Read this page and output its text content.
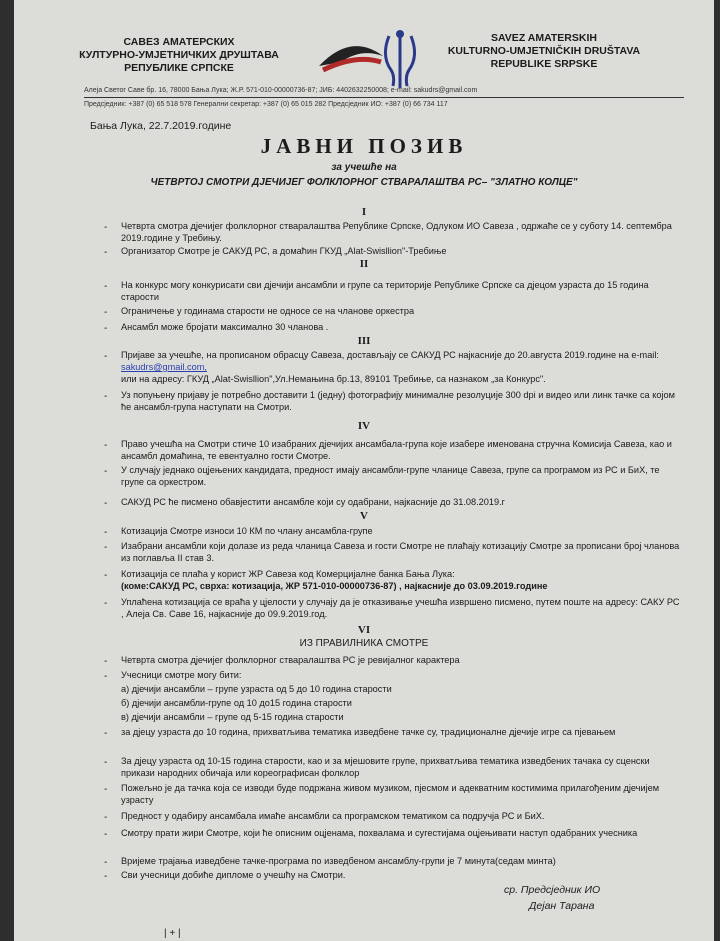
САВЕЗ АМАТЕРСКИХ
КУЛТУРНО-УМЈЕТНИЧКИХ ДРУШТАВА
РЕПУБЛИКЕ СРПСКЕ
SAVEZ AMATERSKIH
KULTURNO-UMJETNIČKIH DRUŠTAVA
REPUBLIKE SRPSKE
Алеја Светог Саве бр. 16, 78000 Бања Лука; Ж.Р. 571-010-00000736-87; ЈИБ: 4402632250008; e-mail: sakudrs@gmail.com
Предсједник: +387 (0) 65 518 578 Генерални секретар: +387 (0) 65 015 282 Предсједник ИО: +387 (0) 66 734 117
Бања Лука, 22.7.2019.године
ЈАВНИ ПОЗИВ
за учешће на
ЧЕТВРТОЈ СМОТРИ ДЈЕЧИЈЕГ ФОЛКЛОРНОГ СТВАРАЛАШТВА РС– "ЗЛАТНО КОЛЦЕ"
I
- Четврта смотра дјечијег фолклорног стваралаштва Републике Српске, Одлуком ИО Савеза , одржаће се у суботу 14. септембра 2019.године у Требињу.
- Организатор Смотре је САКУД РС, а домаћин ГКУД „Alat-Swisllion"-Требиње
II
- На конкурс могу конкурисати сви дјечији ансамбли и групе са територије Републике Српске са дјецом узраста до 15 година старости
- Ограничење у годинама старости не односе се на чланове оркестра
- Ансамбл може бројати максимално 30 чланова .
III
- Пријаве за учешће, на прописаном обрасцу Савеза, достављају се САКУД РС најкасније до 20.августа 2019.године на e-mail: sakudrs@gmail.com,
или на адресу: ГКУД „Alat-Swisllion",Ул.Немањина бр.13, 89101 Требиње, са назнаком „за Конкурс".
- Уз попуњену пријаву је потребно доставити 1 (једну) фотографију минималне резолуције 300 dpi и видео или линк тачке са којом ће ансамбл-група наступати на Смотри.
IV
- Право учешћа на Смотри стиче 10 изабраних дјечијих ансамбала-група које изабере именована стручна Комисија Савеза, као и ансамбл домаћина, те евентуално гости Смотре.
- У случају једнако оцјењених кандидата, предност имају ансамбли-групе чланице Савеза, групе са програмом из РС и БиХ, те групе са оркестром.
- САКУД РС ће писмено обавјестити ансамбле који су одабрани, најкасније до 31.08.2019.г
V
- Котизација Смотре износи 10 КМ по члану ансамбла-групе
- Изабрани ансамбли који долазе из реда чланица Савеза и гости Смотре не плаћају котизацију Смотре за прописани број чланова из поглавља II став 3.
- Котизација се плаћа у корист ЖР Савеза код Комерцијалне банка Бања Лука:
(коме:САКУД РС, сврха: котизација, ЖР 571-010-00000736-87) , најкасније до 03.09.2019.године
- Уплаћена котизација се враћа у цјелости у случају да је отказивање учешћа извршено писмено, путем поште на адресу: САКУ РС , Алеја Св. Саве 16, најкасније до 09.9.2019.год.
VI
ИЗ ПРАВИЛНИКА СМОТРЕ
- Четврта смотра дјечијег фолклорног стваралаштва РС је ревијалног карактера
- Учесници смотре могу бити:
а) дјечији ансамбли – групе узраста од 5 до 10 година старости
б) дјечији ансамбли-групе од 10 до15 година старости
в) дјечији ансамбли – групе од 5-15 година старости
- за дјецу узраста до 10 година, прихватљива тематика изведбене тачке су, традиционалне дјечије игре са пјевањем
- За дјецу узраста од 10-15 година старости, као и за мјешовите групе, прихватљива тематика изведбених тачака су сценски прикази народних обичаја или кореографисан фолклор
- Пожељно је да тачка која се изводи буде подржана живом музиком, пјесмом и адекватним костимима прилагођеним дјечијем узрасту
- Предност у одабиру ансамбала имаће ансамбли са програмском тематиком са подручја РС и БиХ.
- Смотру прати жири Смотре, који ће описним оцјенама, похвалама и сугестијама оцјењивати наступ одабраних учесника
- Вријеме трајања изведбене тачке-програма по изведбеном ансамблу-групи је 7 минута(седам минта)
- Сви учесници добиће дипломе о учешћу на Смотри.
ср. Предсједник ИО
Дејан Тарана
| + |
